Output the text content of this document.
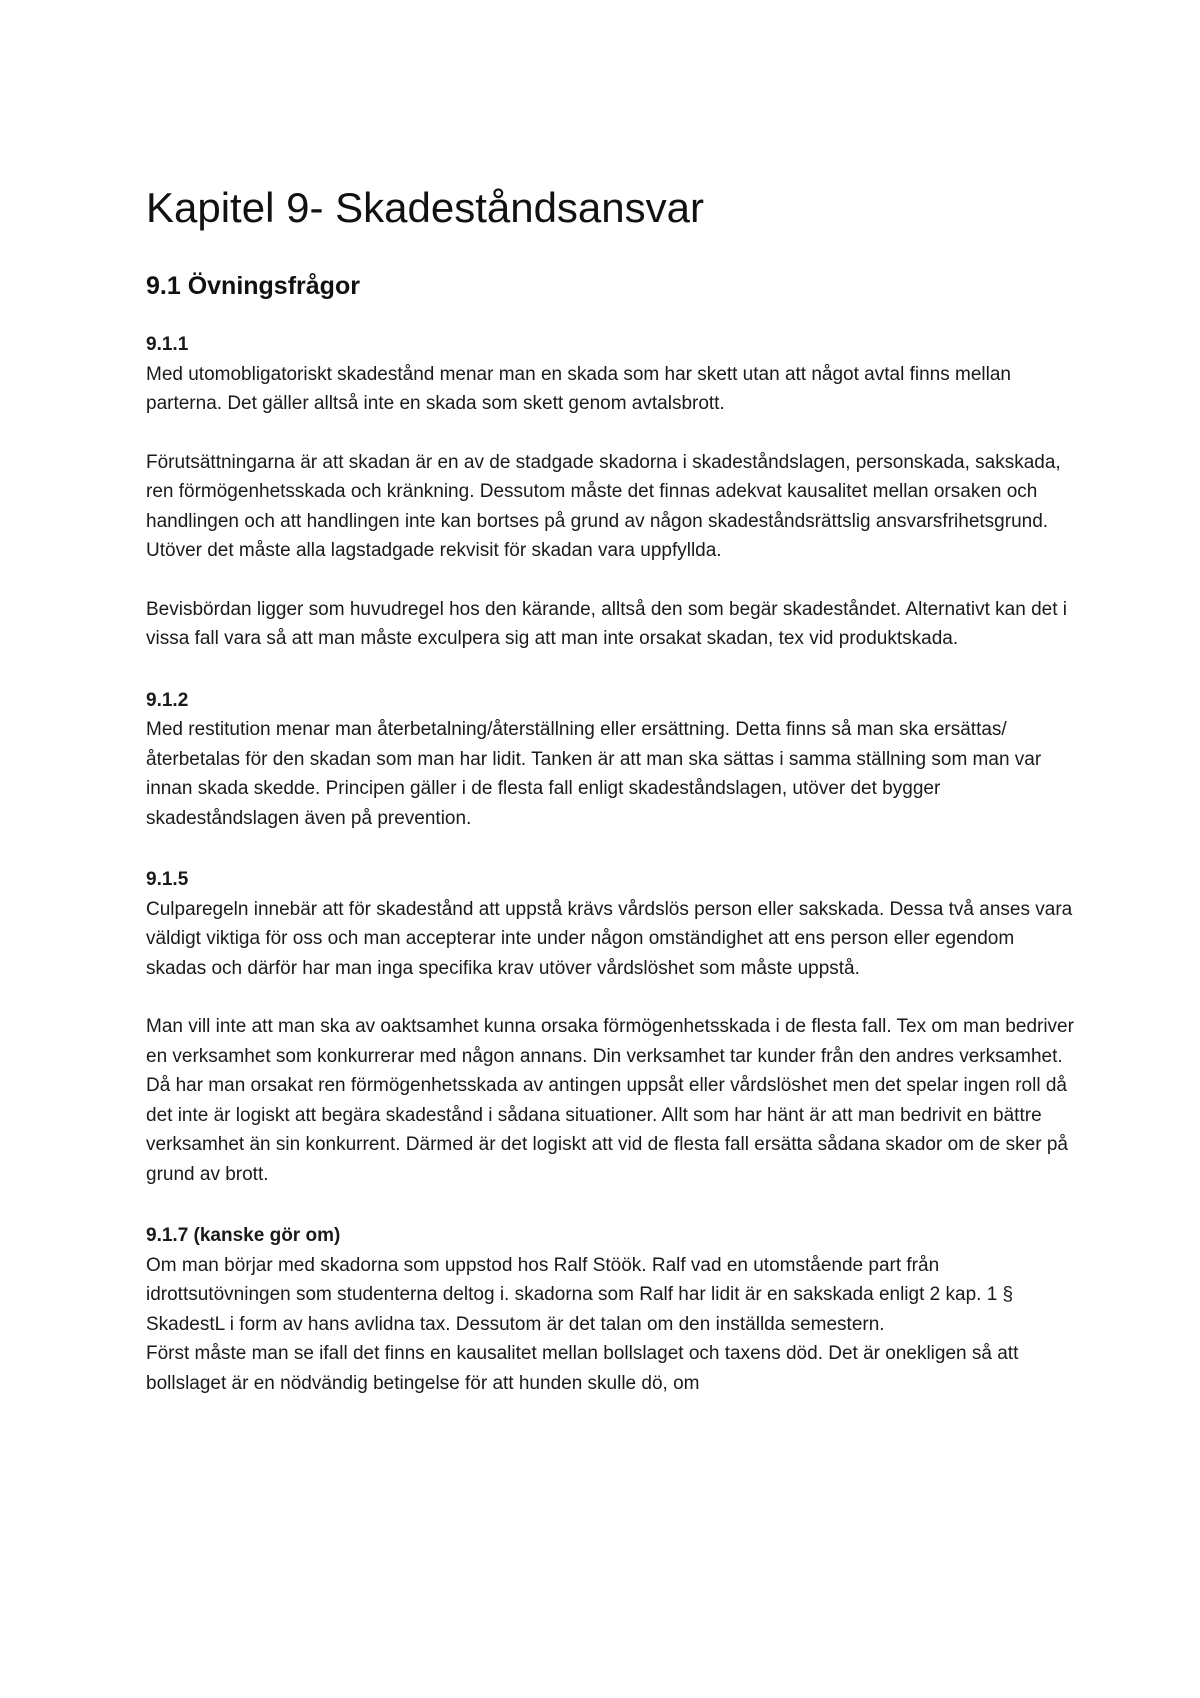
Kapitel 9- Skadeståndsansvar
9.1 Övningsfrågor
9.1.1

Med utomobligatoriskt skadestånd menar man en skada som har skett utan att något avtal finns mellan parterna. Det gäller alltså inte en skada som skett genom avtalsbrott.

Förutsättningarna är att skadan är en av de stadgade skadorna i skadeståndslagen, personskada, sakskada, ren förmögenhetsskada och kränkning. Dessutom måste det finnas adekvat kausalitet mellan orsaken och handlingen och att handlingen inte kan bortses på grund av någon skadeståndsrättslig ansvarsfrihetsgrund. Utöver det måste alla lagstadgade rekvisit för skadan vara uppfyllda.

Bevisbördan ligger som huvudregel hos den kärande, alltså den som begär skadeståndet. Alternativt kan det i vissa fall vara så att man måste exculpera sig att man inte orsakat skadan, tex vid produktskada.

9.1.2

Med restitution menar man återbetalning/återställning eller ersättning. Detta finns så man ska ersättas/återbetalas för den skadan som man har lidit. Tanken är att man ska sättas i samma ställning som man var innan skada skedde. Principen gäller i de flesta fall enligt skadeståndslagen, utöver det bygger skadeståndslagen även på prevention.

9.1.5

Culparegeln innebär att för skadestånd att uppstå krävs vårdslös person eller sakskada. Dessa två anses vara väldigt viktiga för oss och man accepterar inte under någon omständighet att ens person eller egendom skadas och därför har man inga specifika krav utöver vårdslöshet som måste uppstå.

Man vill inte att man ska av oaktsamhet kunna orsaka förmögenhetsskada i de flesta fall. Tex om man bedriver en verksamhet som konkurrerar med någon annans. Din verksamhet tar kunder från den andres verksamhet. Då har man orsakat ren förmögenhetsskada av antingen uppsåt eller vårdslöshet men det spelar ingen roll då det inte är logiskt att begära skadestånd i sådana situationer. Allt som har hänt är att man bedrivit en bättre verksamhet än sin konkurrent. Därmed är det logiskt att vid de flesta fall ersätta sådana skador om de sker på grund av brott.

9.1.7 (kanske gör om)

Om man börjar med skadorna som uppstod hos Ralf Stöök. Ralf vad en utomstående part från idrottsutövningen som studenterna deltog i. skadorna som Ralf har lidit är en sakskada enligt 2 kap. 1 § SkadestL i form av hans avlidna tax. Dessutom är det talan om den inställda semestern.

Först måste man se ifall det finns en kausalitet mellan bollslaget och taxens död. Det är onekligen så att bollslaget är en nödvändig betingelse för att hunden skulle dö, om
